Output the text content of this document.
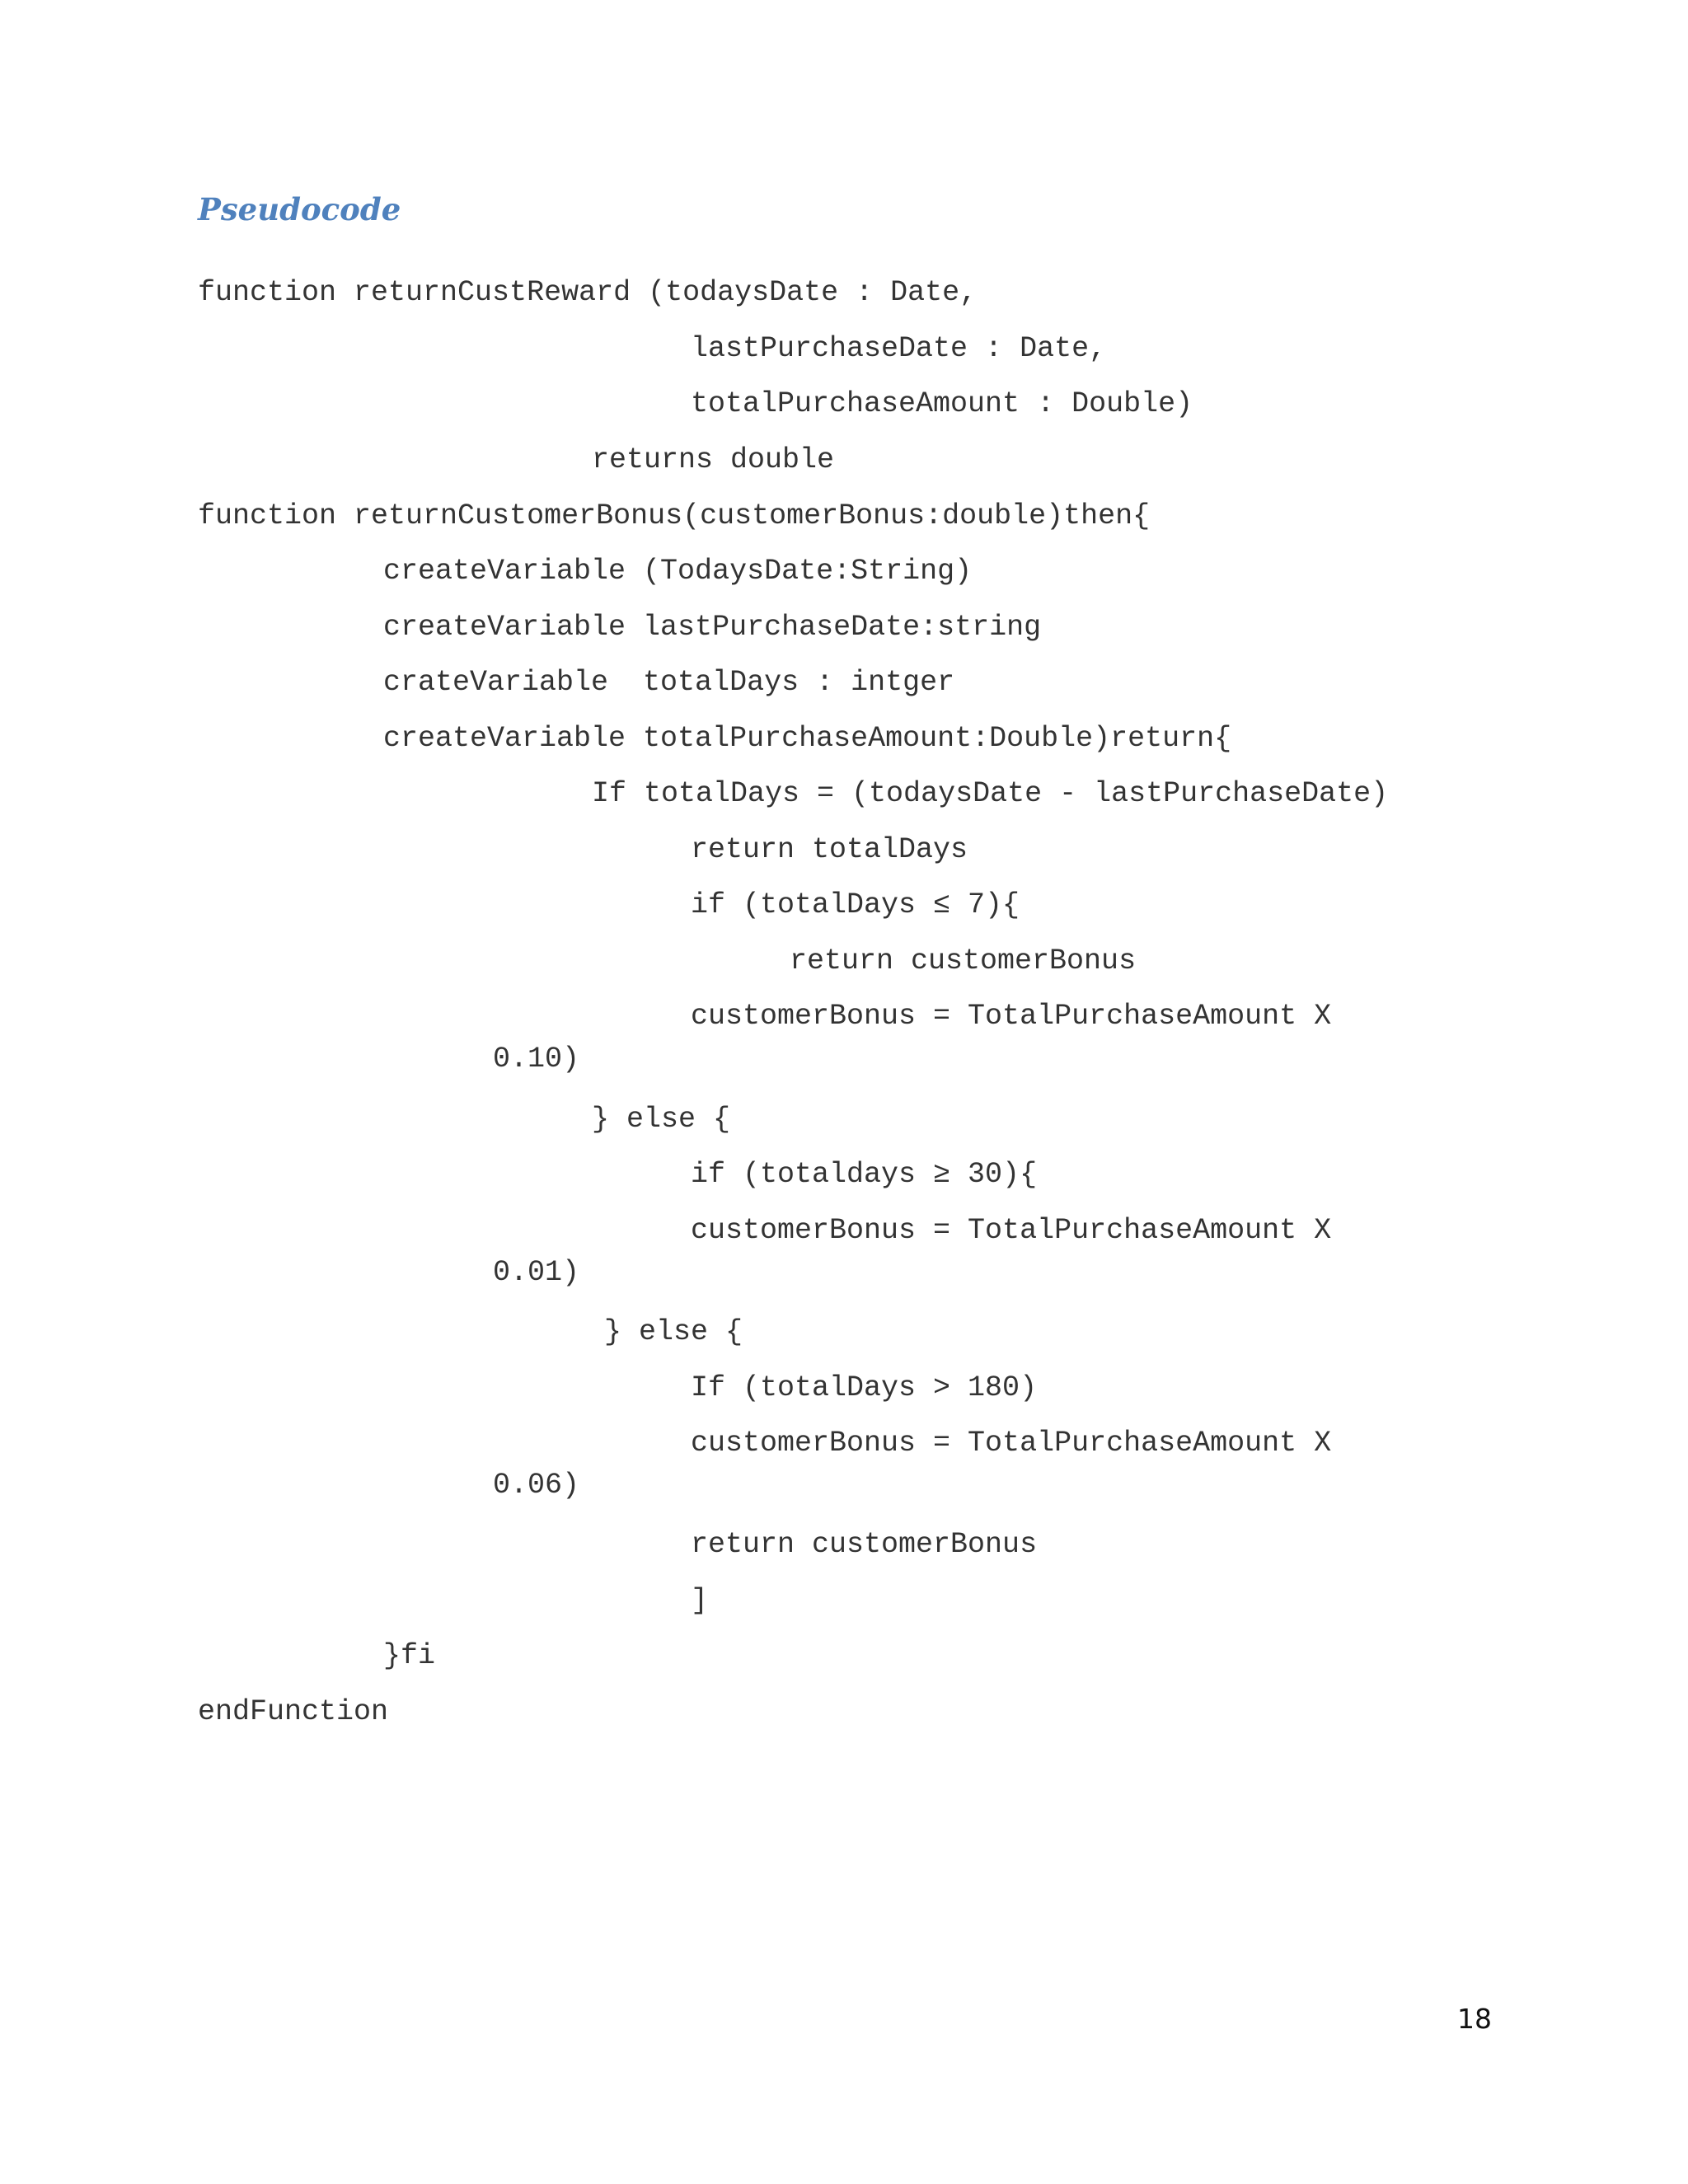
Pseudocode
function returnCustReward (todaysDate : Date,
lastPurchaseDate : Date,
totalPurchaseAmount : Double)
returns double
function returnCustomerBonus(customerBonus:double)then{
createVariable (TodaysDate:String)
createVariable lastPurchaseDate:string
crateVariable  totalDays : intger
createVariable totalPurchaseAmount:Double)return{
If totalDays = (todaysDate - lastPurchaseDate)
return totalDays
if (totalDays ≤ 7){
return customerBonus
customerBonus = TotalPurchaseAmount X
0.10)
} else {
if (totaldays ≥ 30){
customerBonus = TotalPurchaseAmount X
0.01)
} else {
If (totalDays > 180)
customerBonus = TotalPurchaseAmount X
0.06)
return customerBonus
]
}fi
endFunction
18
